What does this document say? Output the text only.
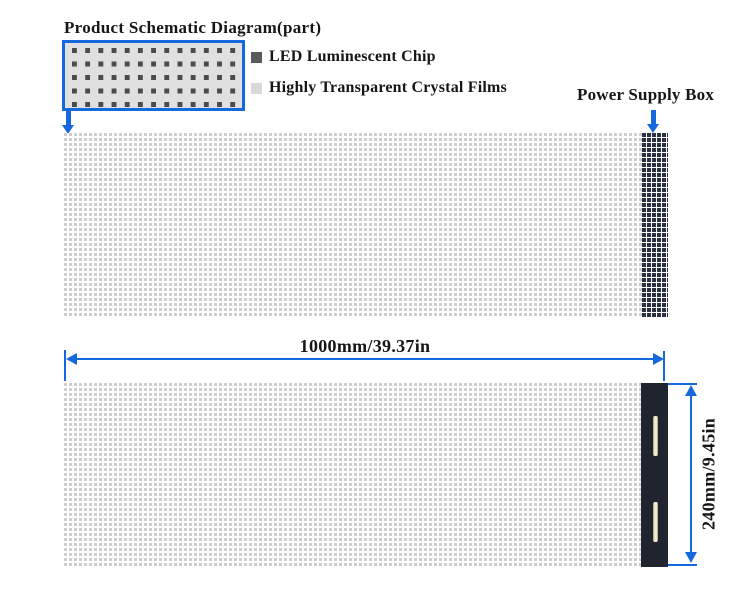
Product Schematic Diagram(part)
LED Luminescent Chip
Highly Transparent Crystal Films	Power Supply Box
1000mm/39.37in
240mm/9.45in
